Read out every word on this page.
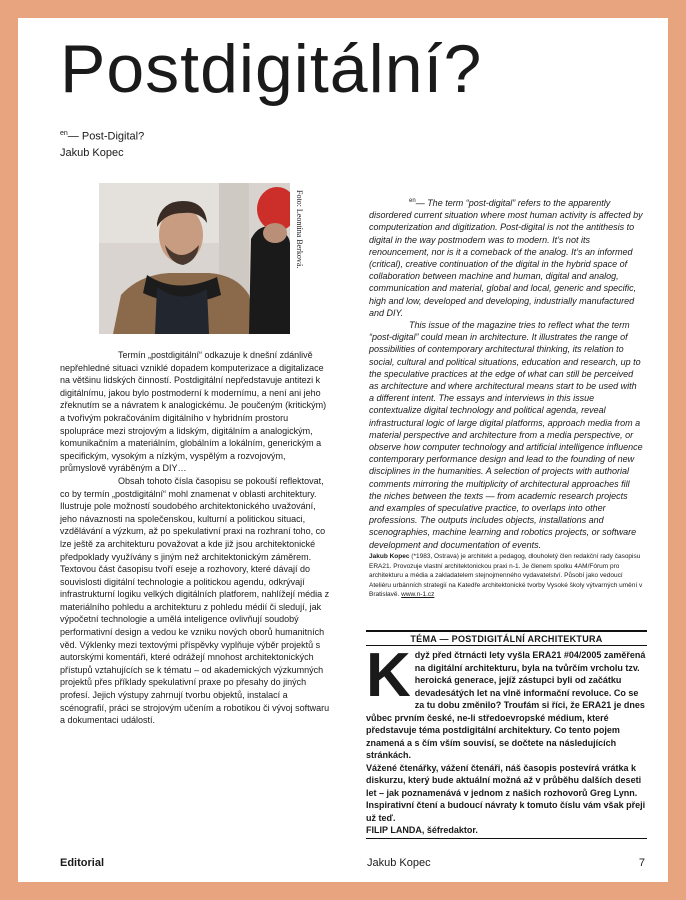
Postdigitální?
$^{en}$— Post-Digital?
Jakub Kopec
Foto: Leontína Berková.

Termín „postdigitální“ odkazuje k dnešní zdánlivě nepřehledné situaci vzniklé dopadem komputerizace a digitalizace na většinu lidských činností. Postdigitální nepředstavuje antitezi k digitálnímu, jakou bylo postmoderní k modernímu, a není ani jeho zřeknutím se a návratem k analogickému. Je poučeným (kritickým) a tvořivým pokračováním digitálního v hybridním prostoru spolupráce mezi strojovým a lidským, digitálním a analogickým, komunikačním a materiálním, globálním a lokálním, generickým a specifickým, vysokým a nízkým, vyspělým a rozvojovým, průmyslově vyráběným a DIY…

Obsah tohoto čísla časopisu se pokouší reflektovat, co by termín „postdigitální“ mohl znamenat v oblasti architektury. Ilustruje pole možností soudobého architektonického uvažování, jeho návaznosti na společenskou, kulturní a politickou situaci, vzdělávání a výzkum, až po spekulativní praxi na rozhraní toho, co lze ještě za architekturu považovat a kde již jsou architektonické předpoklady využívány s jiným než architektonickým záměrem. Textovou část časopisu tvoří eseje a rozhovory, které dávají do souvislosti digitální technologie a politickou agendu, odkrývají infrastrukturní logiku velkých digitálních platforem, nahlížejí média z materiálního pohledu a architekturu z pohledu médií či sledují, jak výpočetní technologie a umělá inteligence ovlivňují soudobý performativní design a vedou ke vzniku nových oborů humanitních věd. Výklenky mezi textovými příspěvky vyplňuje výběr projektů s autorskými komentáři, které odrážejí mnohost architektonických přístupů vztahujících se k tématu – od akademických výzkumných projektů přes příklady spekulativní praxe po přesahy do jiných profesí. Jejich výstupy zahrnují tvorbu objektů, instalací a scénografií, práci se strojovým učením a robotikou či vývoj softwaru a dokumentaci událostí.

$^{en}$— The term “post-digital” refers to the apparently disordered current situation where most human activity is affected by computerization and digitization. Post-digital is not the antithesis to digital in the way postmodern was to modern. It’s not its renouncement, nor is it a comeback of the analog. It’s an informed (critical), creative continuation of the digital in the hybrid space of collaboration between machine and human, digital and analog, communication and material, global and local, generic and specific, high and low, developed and developing, industrially manufactured and DIY.

This issue of the magazine tries to reflect what the term “post-digital” could mean in architecture. It illustrates the range of possibilities of contemporary architectural thinking, its relation to social, cultural and political situations, education and research, up to the speculative practices at the edge of what can still be perceived as architecture and where architectural means start to be used with a different intent. The essays and interviews in this issue contextualize digital technology and political agenda, reveal infrastructural logic of large digital platforms, approach media from a material perspective and architecture from a media perspective, or observe how computer technology and artificial intelligence influence contemporary performance design and lead to the founding of new disciplines in the humanities. A selection of projects with authorial comments mirroring the multiplicity of architectural approaches fill the niches between the texts — from academic research projects and examples of speculative practice, to overlaps into other professions. The outputs includes objects, installations and scenographies, machine learning and robotics projects, or software development and documentation of events.

Jakub Kopec (*1983, Ostrava) je architekt a pedagog, dlouholetý člen redakční rady časopisu ERA21. Provozuje vlastní architektonickou praxi n-1. Je členem spolku 4AM/Fórum pro architekturu a média a zakladatelem stejnojmenného vydavatelství. Působí jako vedoucí Ateliéru urbánních strategií na Katedře architektonické tvorby Vysoké školy výtvarných umění v Bratislavě. www.n-1.cz
TÉMA — POSTDIGITÁLNÍ ARCHITEKTURA
K dyž před čtrnácti lety vyšla ERA21 #04/2005 zaměřená na digitální architekturu, byla na tvůrčím vrcholu tzv. heroická generace, jejíž zástupci byli od začátku devadesátých let na vlně informační revoluce. Co se za tu dobu změnilo? Troufám si říci, že ERA21 je dnes vůbec prvním české, ne-li středoevropské médium, které představuje téma postdigitální architektury. Co tento pojem znamená a s čím vším souvisí, se dočtete na následujících stránkách.

Vážené čtenářky, vážení čtenáři, náš časopis postevírá vrátka k diskurzu, který bude aktuální možná až v průběhu dalších deseti let – jak poznamenává v jednom z našich rozhovorů Greg Lynn. Inspirativní čtení a budoucí návraty k tomuto číslu vám však přeji už teď.

FILIP LANDA, šéfredaktor.

Editorial	Jakub Kopec	7
